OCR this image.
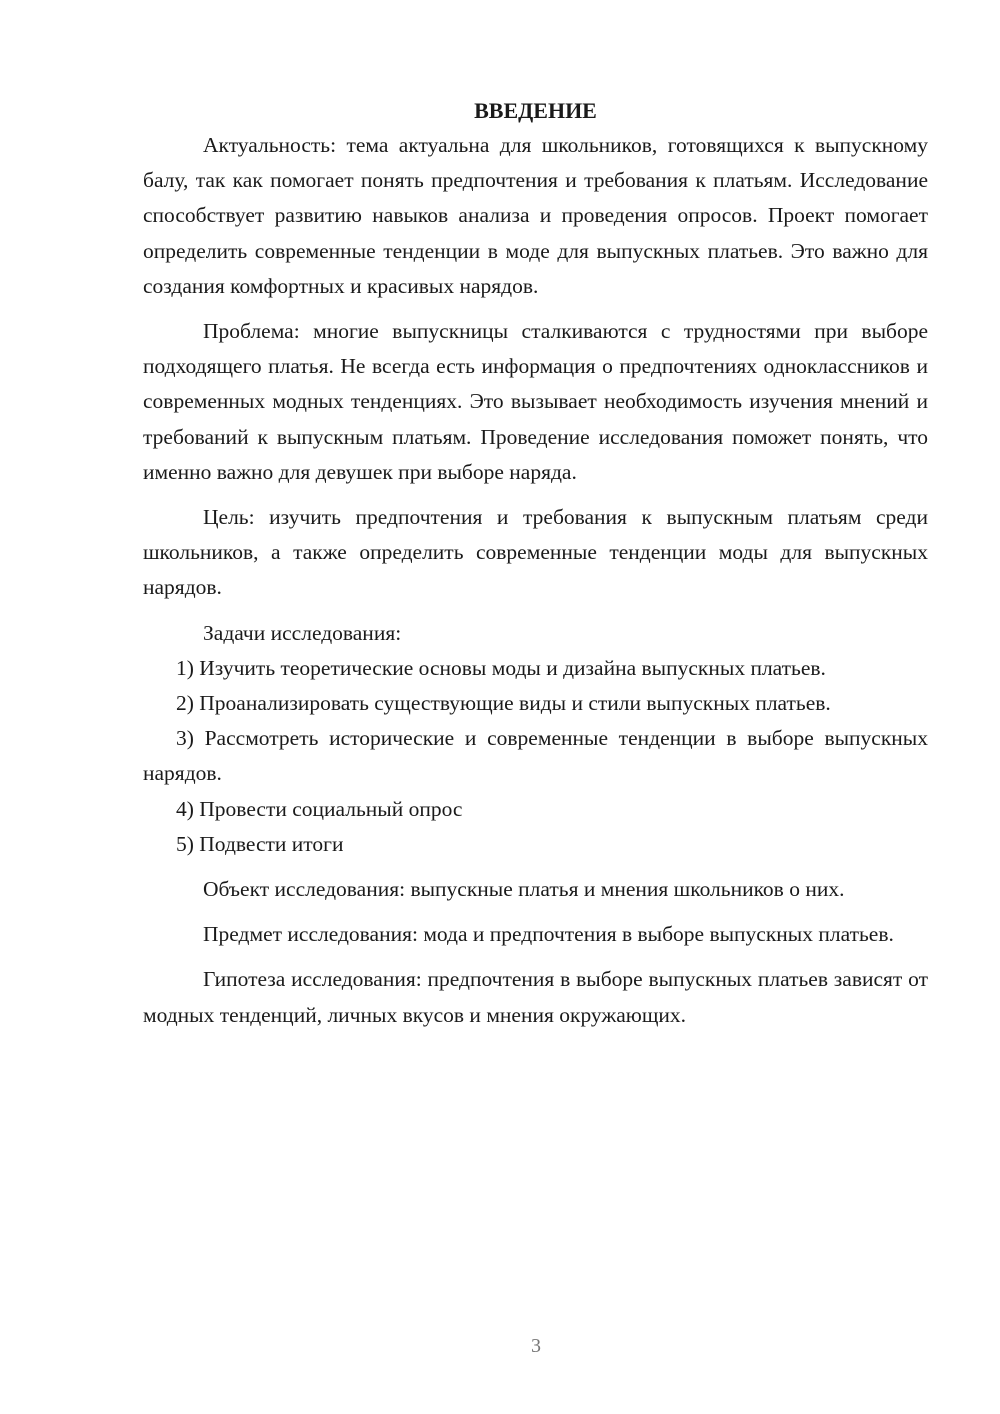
ВВЕДЕНИЕ

Актуальность: тема актуальна для школьников, готовящихся к выпускному балу, так как помогает понять предпочтения и требования к платьям. Исследование способствует развитию навыков анализа и проведения опросов. Проект помогает определить современные тенденции в моде для выпускных платьев. Это важно для создания комфортных и красивых нарядов.

Проблема: многие выпускницы сталкиваются с трудностями при выборе подходящего платья. Не всегда есть информация о предпочтениях одноклассников и современных модных тенденциях. Это вызывает необходимость изучения мнений и требований к выпускным платьям. Проведение исследования поможет понять, что именно важно для девушек при выборе наряда.

Цель: изучить предпочтения и требования к выпускным платьям среди школьников, а также определить современные тенденции моды для выпускных нарядов.

Задачи исследования:

1) Изучить теоретические основы моды и дизайна выпускных платьев.

2) Проанализировать существующие виды и стили выпускных платьев.

3) Рассмотреть исторические и современные тенденции в выборе выпускных нарядов.

4) Провести социальный опрос

5) Подвести итоги

Объект исследования: выпускные платья и мнения школьников о них.

Предмет исследования: мода и предпочтения в выборе выпускных платьев.

Гипотеза исследования: предпочтения в выборе выпускных платьев зависят от модных тенденций, личных вкусов и мнения окружающих.

3
